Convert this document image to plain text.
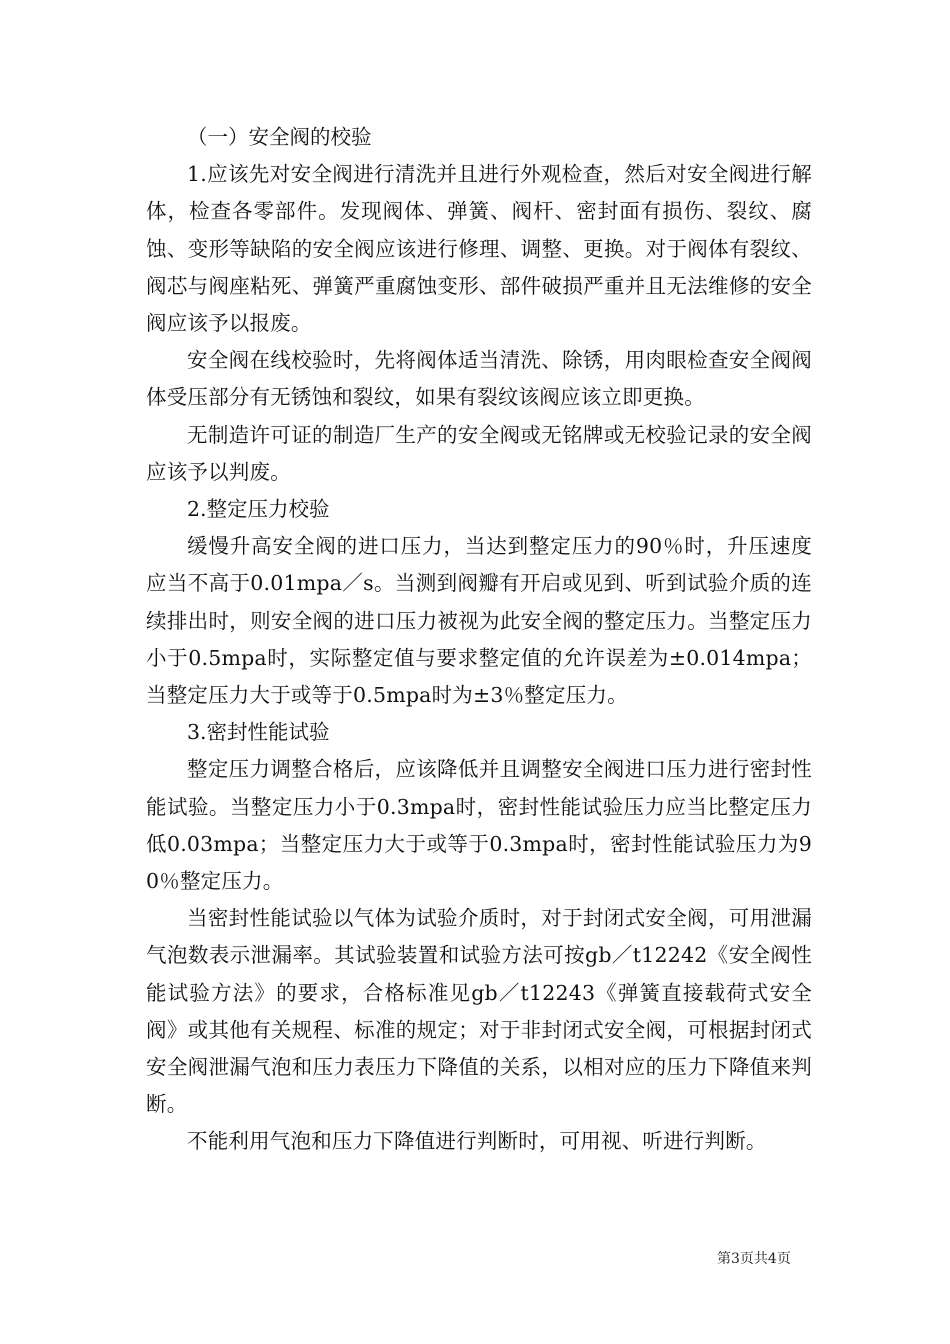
（一）安全阀的校验

1.应该先对安全阀进行清洗并且进行外观检查，然后对安全阀进行解体，检查各零部件。发现阀体、弹簧、阀杆、密封面有损伤、裂纹、腐蚀、变形等缺陷的安全阀应该进行修理、调整、更换。对于阀体有裂纹、阀芯与阀座粘死、弹簧严重腐蚀变形、部件破损严重并且无法维修的安全阀应该予以报废。

安全阀在线校验时，先将阀体适当清洗、除锈，用肉眼检查安全阀阀体受压部分有无锈蚀和裂纹，如果有裂纹该阀应该立即更换。

无制造许可证的制造厂生产的安全阀或无铭牌或无校验记录的安全阀应该予以判废。

2.整定压力校验

缓慢升高安全阀的进口压力，当达到整定压力的90％时，升压速度应当不高于0.01mpa／s。当测到阀瓣有开启或见到、听到试验介质的连续排出时，则安全阀的进口压力被视为此安全阀的整定压力。当整定压力小于0.5mpa时，实际整定值与要求整定值的允许误差为±0.014mpa；当整定压力大于或等于0.5mpa时为±3％整定压力。

3.密封性能试验

整定压力调整合格后，应该降低并且调整安全阀进口压力进行密封性能试验。当整定压力小于0.3mpa时，密封性能试验压力应当比整定压力低0.03mpa；当整定压力大于或等于0.3mpa时，密封性能试验压力为90％整定压力。

当密封性能试验以气体为试验介质时，对于封闭式安全阀，可用泄漏气泡数表示泄漏率。其试验装置和试验方法可按gb／t12242《安全阀性能试验方法》的要求，合格标准见gb／t12243《弹簧直接载荷式安全阀》或其他有关规程、标准的规定；对于非封闭式安全阀，可根据封闭式安全阀泄漏气泡和压力表压力下降值的关系，以相对应的压力下降值来判断。

不能利用气泡和压力下降值进行判断时，可用视、听进行判断。

第3页共4页
